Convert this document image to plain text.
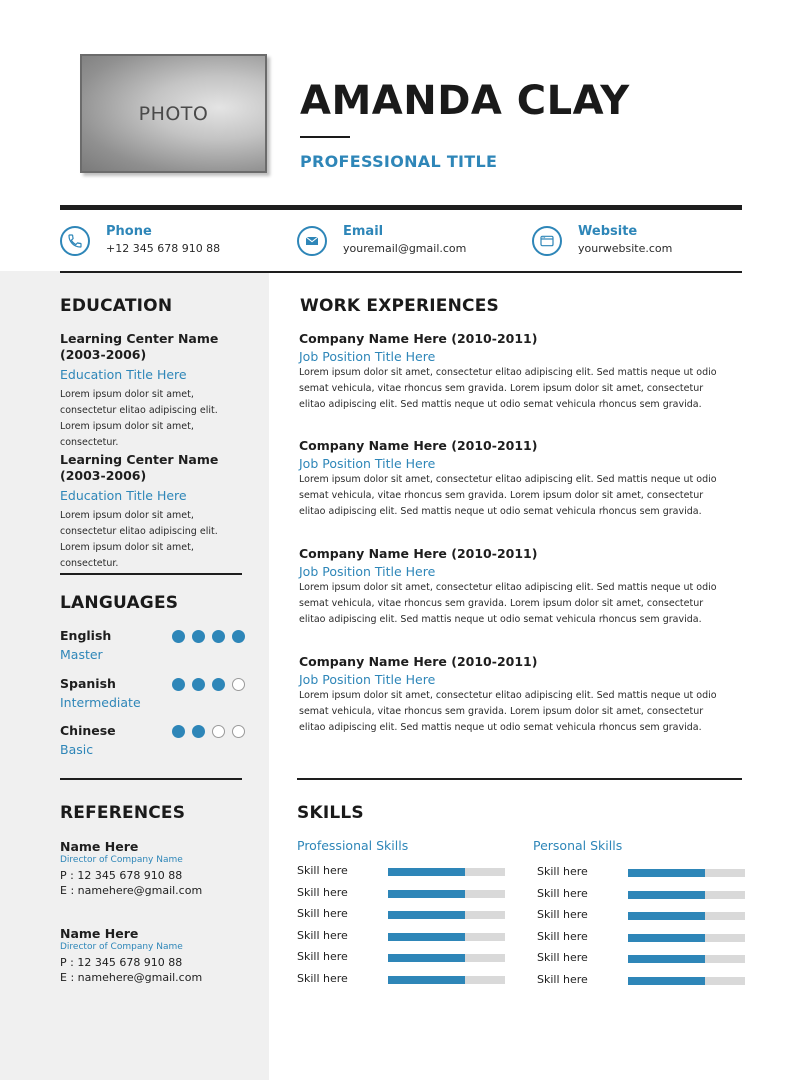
PHOTO AMANDA CLAY
PROFESSIONAL TITLE
Phone
+12 345 678 910 88
Email
youremail@gmail.com
Website
yourwebsite.com
EDUCATION
Learning Center Name (2003-2006)
Education Title Here
Lorem ipsum dolor sit amet, consectetur elitao adipiscing elit. Lorem ipsum dolor sit amet, consectetur.
Learning Center Name (2003-2006)
Education Title Here
Lorem ipsum dolor sit amet, consectetur elitao adipiscing elit. Lorem ipsum dolor sit amet, consectetur.
LANGUAGES
English
Master
Spanish
Intermediate
Chinese
Basic
REFERENCES
Name Here
Director of Company Name
P : 12 345 678 910 88
E : namehere@gmail.com
Name Here
Director of Company Name
P : 12 345 678 910 88
E : namehere@gmail.com
WORK EXPERIENCES
Company Name Here (2010-2011)
Job Position Title Here
Lorem ipsum dolor sit amet, consectetur elitao adipiscing elit. Sed mattis neque ut odio semat vehicula, vitae rhoncus sem gravida. Lorem ipsum dolor sit amet, consectetur elitao adipiscing elit. Sed mattis neque ut odio semat vehicula rhoncus sem gravida.
Company Name Here (2010-2011)
Job Position Title Here
Lorem ipsum dolor sit amet, consectetur elitao adipiscing elit. Sed mattis neque ut odio semat vehicula, vitae rhoncus sem gravida. Lorem ipsum dolor sit amet, consectetur elitao adipiscing elit. Sed mattis neque ut odio semat vehicula rhoncus sem gravida.
Company Name Here (2010-2011)
Job Position Title Here
Lorem ipsum dolor sit amet, consectetur elitao adipiscing elit. Sed mattis neque ut odio semat vehicula, vitae rhoncus sem gravida. Lorem ipsum dolor sit amet, consectetur elitao adipiscing elit. Sed mattis neque ut odio semat vehicula rhoncus sem gravida.
Company Name Here (2010-2011)
Job Position Title Here
Lorem ipsum dolor sit amet, consectetur elitao adipiscing elit. Sed mattis neque ut odio semat vehicula, vitae rhoncus sem gravida. Lorem ipsum dolor sit amet, consectetur elitao adipiscing elit. Sed mattis neque ut odio semat vehicula rhoncus sem gravida.
SKILLS
Professional Skills	Personal Skills
Skill here
Skill here
Skill here
Skill here
Skill here
Skill here
Skill here
Skill here
Skill here
Skill here
Skill here
Skill here
